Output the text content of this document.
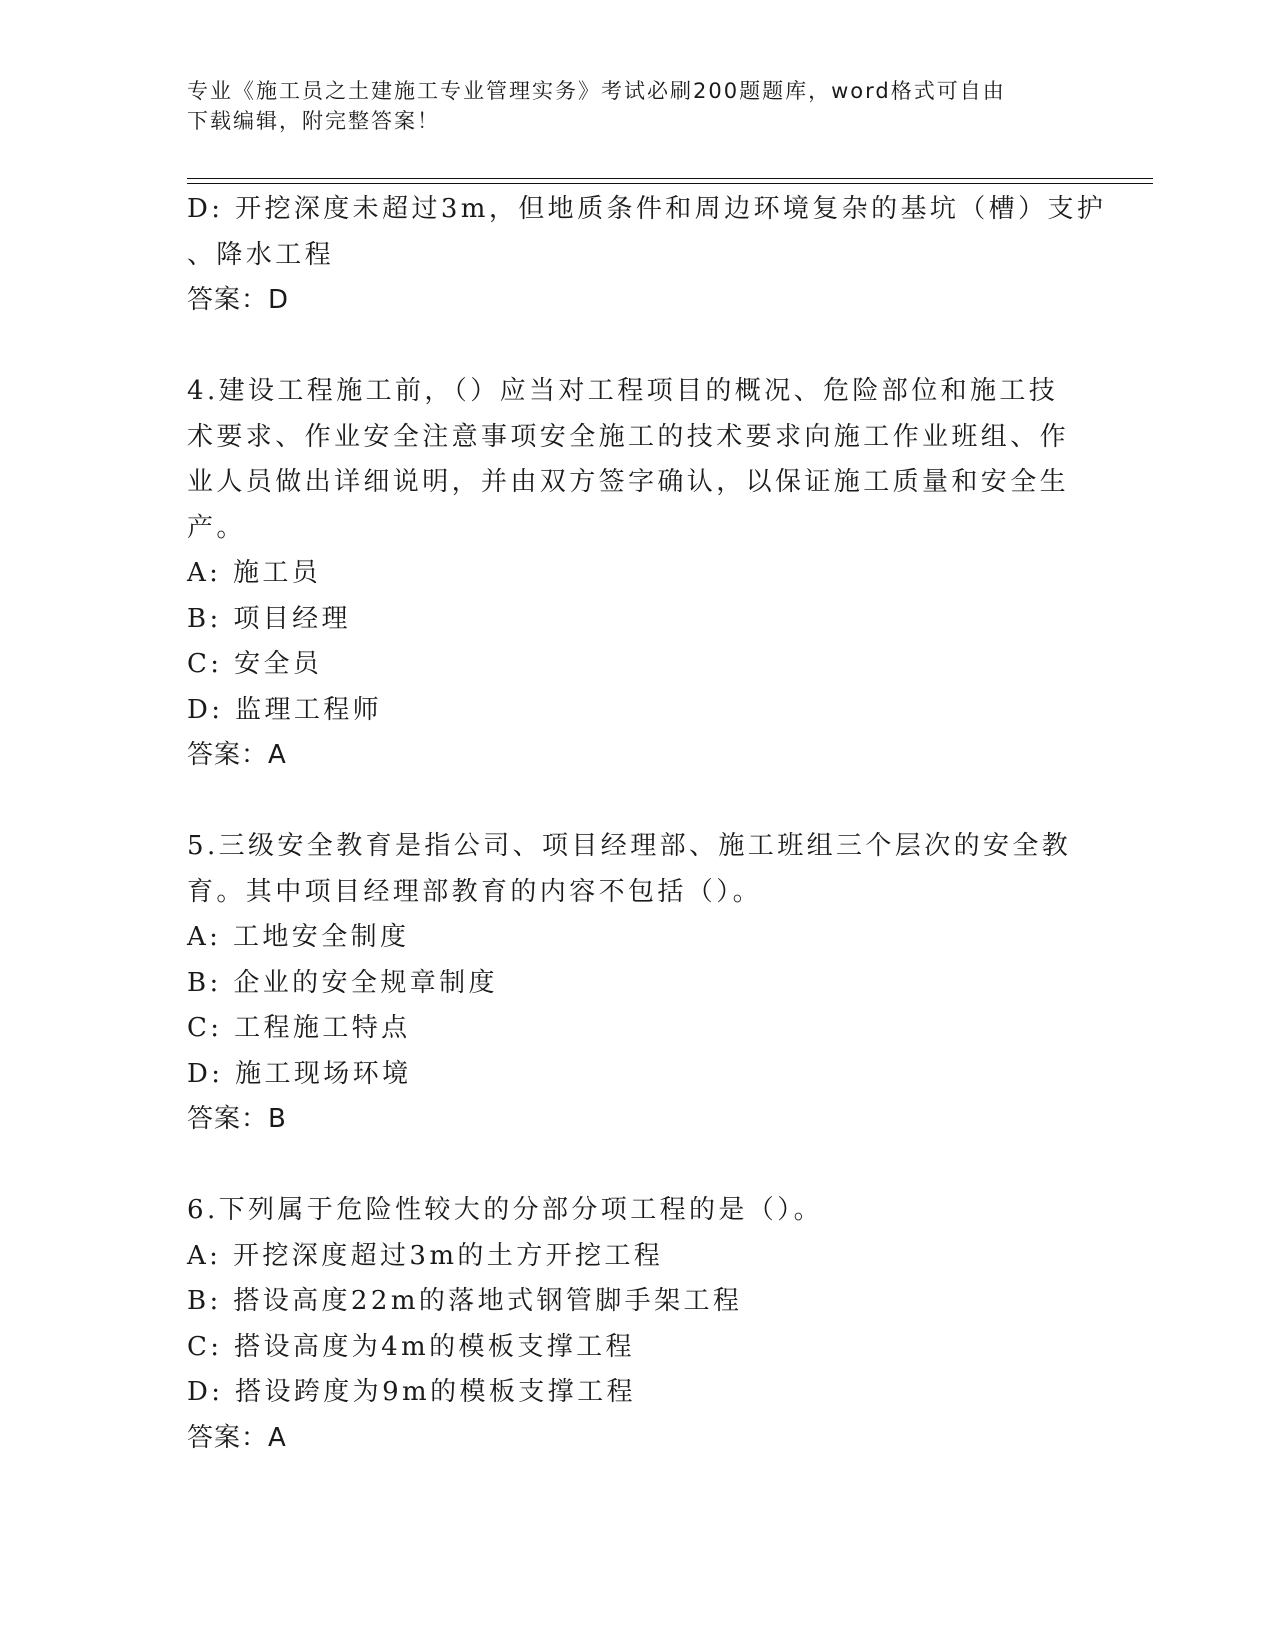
专业《施工员之土建施工专业管理实务》考试必刷200题题库，word格式可自由
下载编辑，附完整答案！
D: 开挖深度未超过3m，但地质条件和周边环境复杂的基坑（槽）支护
、降水工程
答案：D
4.建设工程施工前，（）应当对工程项目的概况、危险部位和施工技
术要求、作业安全注意事项安全施工的技术要求向施工作业班组、作
业人员做出详细说明，并由双方签字确认，以保证施工质量和安全生
产。
A: 施工员
B: 项目经理
C: 安全员
D: 监理工程师
答案：A
5.三级安全教育是指公司、项目经理部、施工班组三个层次的安全教
育。其中项目经理部教育的内容不包括（）。
A: 工地安全制度
B: 企业的安全规章制度
C: 工程施工特点
D: 施工现场环境
答案：B
6.下列属于危险性较大的分部分项工程的是（）。
A: 开挖深度超过3m的土方开挖工程
B: 搭设高度22m的落地式钢管脚手架工程
C: 搭设高度为4m的模板支撑工程
D: 搭设跨度为9m的模板支撑工程
答案：A
